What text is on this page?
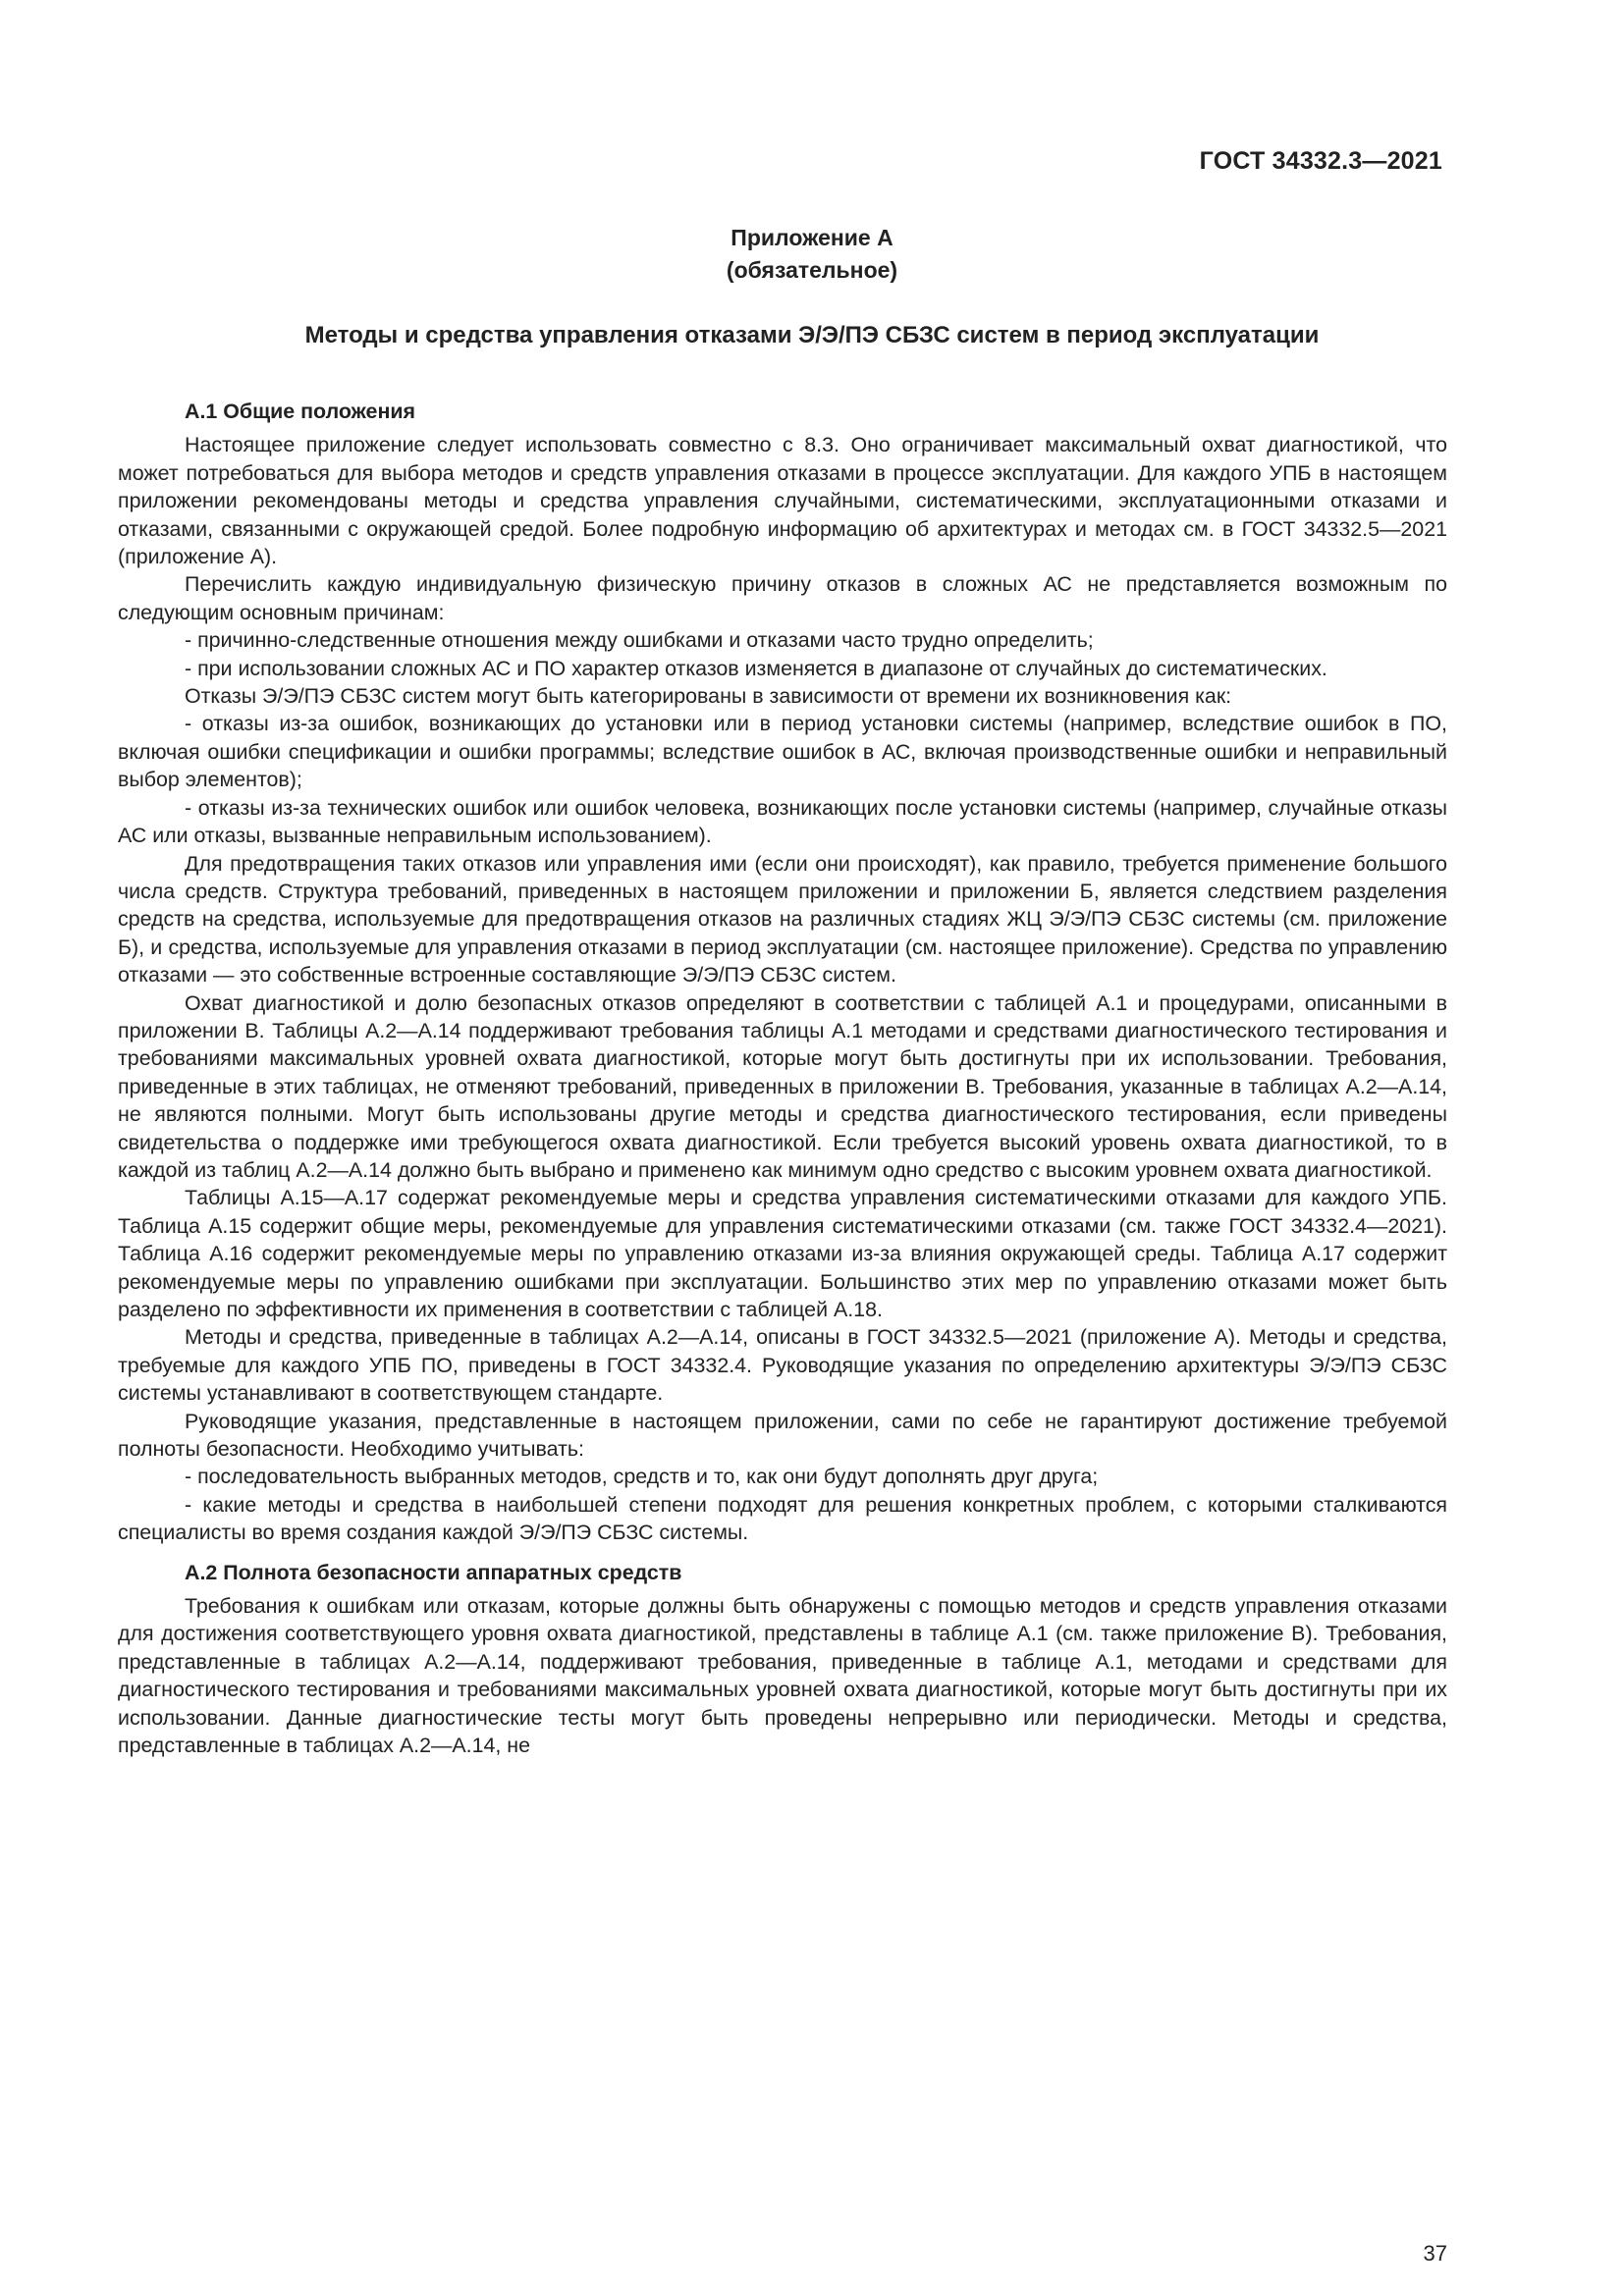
ГОСТ 34332.3—2021
Приложение А
(обязательное)
Методы и средства управления отказами Э/Э/ПЭ СБЗС систем в период эксплуатации
А.1 Общие положения

Настоящее приложение следует использовать совместно с 8.3. Оно ограничивает максимальный охват диагностикой, что может потребоваться для выбора методов и средств управления отказами в процессе эксплуатации. Для каждого УПБ в настоящем приложении рекомендованы методы и средства управления случайными, систематическими, эксплуатационными отказами и отказами, связанными с окружающей средой. Более подробную информацию об архитектурах и методах см. в ГОСТ 34332.5—2021 (приложение А).

Перечислить каждую индивидуальную физическую причину отказов в сложных АС не представляется возможным по следующим основным причинам:

- причинно-следственные отношения между ошибками и отказами часто трудно определить;

- при использовании сложных АС и ПО характер отказов изменяется в диапазоне от случайных до систематических.

Отказы Э/Э/ПЭ СБЗС систем могут быть категорированы в зависимости от времени их возникновения как:

- отказы из-за ошибок, возникающих до установки или в период установки системы (например, вследствие ошибок в ПО, включая ошибки спецификации и ошибки программы; вследствие ошибок в АС, включая производственные ошибки и неправильный выбор элементов);

- отказы из-за технических ошибок или ошибок человека, возникающих после установки системы (например, случайные отказы АС или отказы, вызванные неправильным использованием).

Для предотвращения таких отказов или управления ими (если они происходят), как правило, требуется применение большого числа средств. Структура требований, приведенных в настоящем приложении и приложении Б, является следствием разделения средств на средства, используемые для предотвращения отказов на различных стадиях ЖЦ Э/Э/ПЭ СБЗС системы (см. приложение Б), и средства, используемые для управления отказами в период эксплуатации (см. настоящее приложение). Средства по управлению отказами — это собственные встроенные составляющие Э/Э/ПЭ СБЗС систем.

Охват диагностикой и долю безопасных отказов определяют в соответствии с таблицей А.1 и процедурами, описанными в приложении В. Таблицы А.2—А.14 поддерживают требования таблицы А.1 методами и средствами диагностического тестирования и требованиями максимальных уровней охвата диагностикой, которые могут быть достигнуты при их использовании. Требования, приведенные в этих таблицах, не отменяют требований, приведенных в приложении В. Требования, указанные в таблицах А.2—А.14, не являются полными. Могут быть использованы другие методы и средства диагностического тестирования, если приведены свидетельства о поддержке ими требующегося охвата диагностикой. Если требуется высокий уровень охвата диагностикой, то в каждой из таблиц А.2—А.14 должно быть выбрано и применено как минимум одно средство с высоким уровнем охвата диагностикой.

Таблицы А.15—А.17 содержат рекомендуемые меры и средства управления систематическими отказами для каждого УПБ. Таблица А.15 содержит общие меры, рекомендуемые для управления систематическими отказами (см. также ГОСТ 34332.4—2021). Таблица А.16 содержит рекомендуемые меры по управлению отказами из-за влияния окружающей среды. Таблица А.17 содержит рекомендуемые меры по управлению ошибками при эксплуатации. Большинство этих мер по управлению отказами может быть разделено по эффективности их применения в соответствии с таблицей А.18.

Методы и средства, приведенные в таблицах А.2—А.14, описаны в ГОСТ 34332.5—2021 (приложение А). Методы и средства, требуемые для каждого УПБ ПО, приведены в ГОСТ 34332.4. Руководящие указания по определению архитектуры Э/Э/ПЭ СБЗС системы устанавливают в соответствующем стандарте.

Руководящие указания, представленные в настоящем приложении, сами по себе не гарантируют достижение требуемой полноты безопасности. Необходимо учитывать:

- последовательность выбранных методов, средств и то, как они будут дополнять друг друга;

- какие методы и средства в наибольшей степени подходят для решения конкретных проблем, с которыми сталкиваются специалисты во время создания каждой Э/Э/ПЭ СБЗС системы.

А.2 Полнота безопасности аппаратных средств

Требования к ошибкам или отказам, которые должны быть обнаружены с помощью методов и средств управления отказами для достижения соответствующего уровня охвата диагностикой, представлены в таблице А.1 (см. также приложение В). Требования, представленные в таблицах А.2—А.14, поддерживают требования, приведенные в таблице А.1, методами и средствами для диагностического тестирования и требованиями максимальных уровней охвата диагностикой, которые могут быть достигнуты при их использовании. Данные диагностические тесты могут быть проведены непрерывно или периодически. Методы и средства, представленные в таблицах А.2—А.14, не

37
